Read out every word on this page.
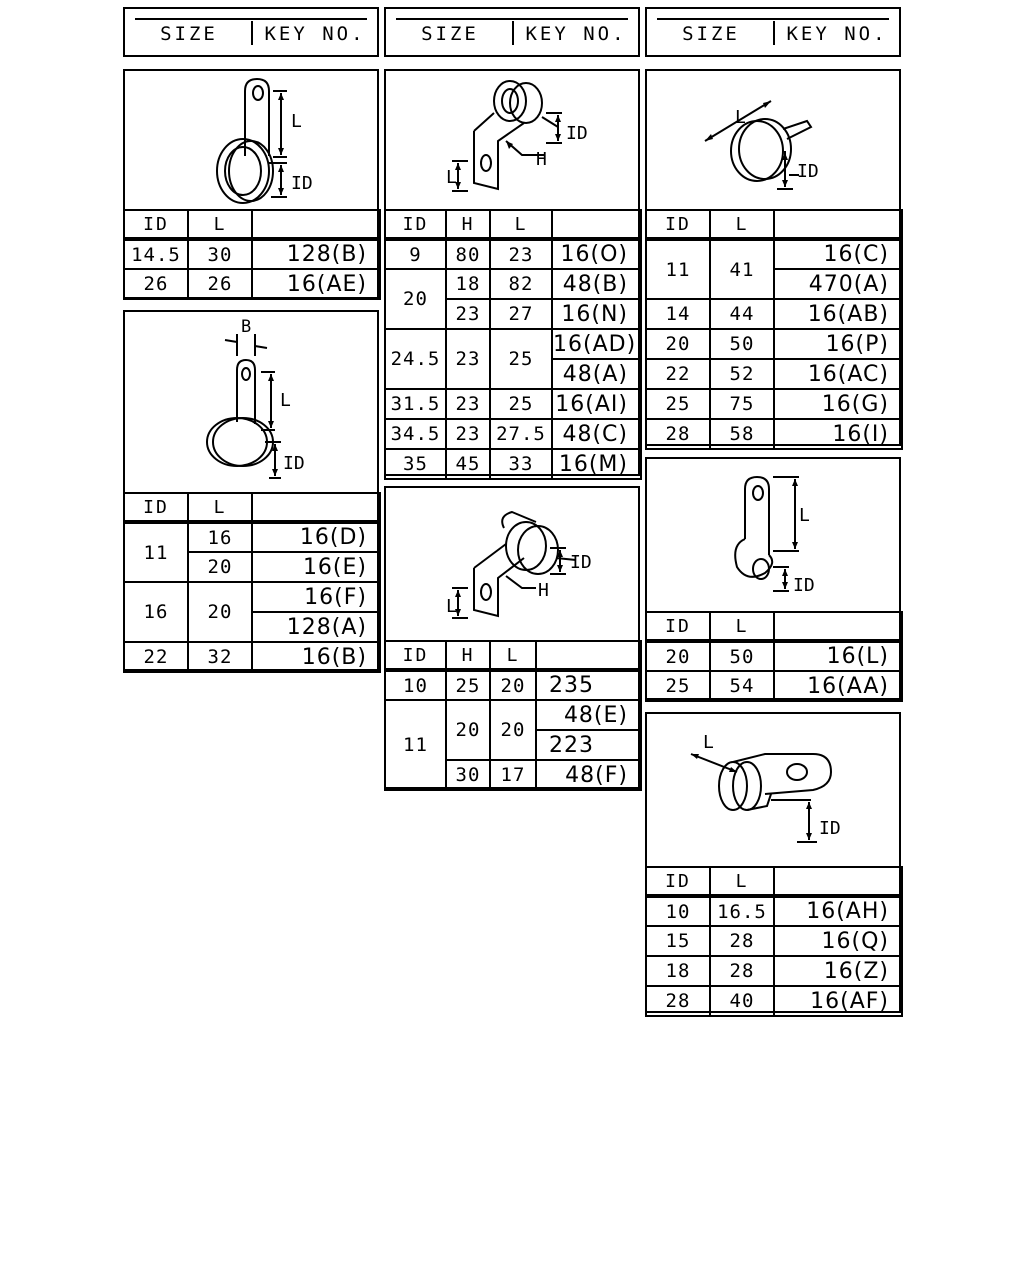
SIZE	KEY NO.	SIZE	KEY NO.	SIZE	KEY NO.
L
ID
ID	L	
14.5	30	128(B)
26	26	16(AE)
B
L
ID
ID	L	
11	16	16(D)
	20	16(E)
16	20	16(F)
		128(A)
22	32	16(B)
ID
H
L
ID	H	L	
9	80	23	16(O)
20	18	82	48(B)
	23	27	16(N)
24.5	23	25	16(AD)
			48(A)
31.5	23	25	16(AI)
34.5	23	27.5	48(C)
35	45	33	16(M)
ID
H
L
ID	H	L	
10	25	20	235
11	20	20	48(E)
			223
	30	17	48(F)
L
ID
ID	L	
11	41	16(C)
		470(A)
14	44	16(AB)
20	50	16(P)
22	52	16(AC)
25	75	16(G)
28	58	16(I)
L
ID
ID	L	
20	50	16(L)
25	54	16(AA)
L
ID
ID	L	
10	16.5	16(AH)
15	28	16(Q)
18	28	16(Z)
28	40	16(AF)
